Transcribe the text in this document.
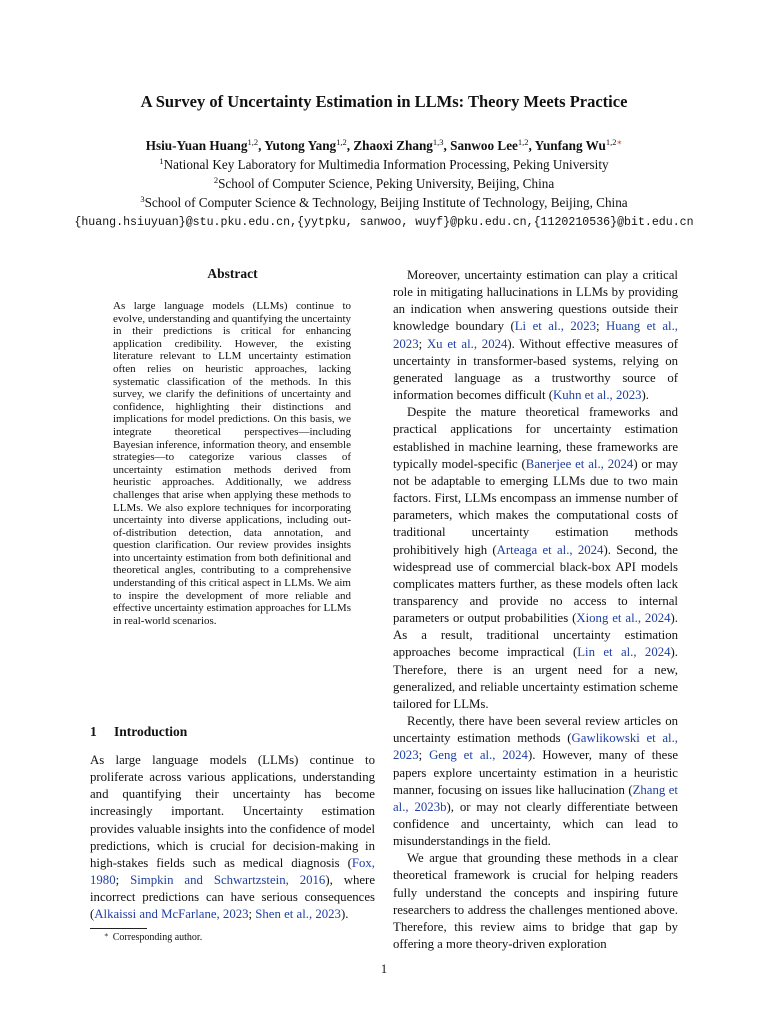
A Survey of Uncertainty Estimation in LLMs: Theory Meets Practice
Hsiu-Yuan Huang$^{1,2}$, Yutong Yang$^{1,2}$, Zhaoxi Zhang$^{1,3}$, Sanwoo Lee$^{1,2}$, Yunfang $Wu^{1,2∗}$
$^1$National Key Laboratory for Multimedia Information Processing, Peking University
$^2$School of Computer Science, Peking University, Beijing, China
$^3$School of Computer Science & Technology, Beijing Institute of Technology, Beijing, China
{huang.hsiuyuan}@stu.pku.edu.cn,{yytpku, sanwoo, wuyf}@pku.edu.cn,{1120210536}@bit.edu.cn
Abstract

As large language models (LLMs) continue to evolve, understanding and quantifying the uncertainty in their predictions is critical for enhancing application credibility. However, the existing literature relevant to LLM uncertainty estimation often relies on heuristic approaches, lacking systematic classification of the methods. In this survey, we clarify the definitions of uncertainty and confidence, highlighting their distinctions and implications for model predictions. On this basis, we integrate theoretical perspectives—including Bayesian inference, information theory, and ensemble strategies—to categorize various classes of uncertainty estimation methods derived from heuristic approaches. Additionally, we address challenges that arise when applying these methods to LLMs. We also explore techniques for incorporating uncertainty into diverse applications, including out-of-distribution detection, data annotation, and question clarification. Our review provides insights into uncertainty estimation from both definitional and theoretical angles, contributing to a comprehensive understanding of this critical aspect in LLMs. We aim to inspire the development of more reliable and effective uncertainty estimation approaches for LLMs in real-world scenarios.

1 Introduction

As large language models (LLMs) continue to proliferate across various applications, understanding and quantifying their uncertainty has become increasingly important. Uncertainty estimation provides valuable insights into the confidence of model predictions, which is crucial for decision-making in high-stakes fields such as medical diagnosis (Fox, 1980; Simpkin and Schwartzstein, 2016), where incorrect predictions can have serious consequences (Alkaissi and McFarlane, 2023; Shen et al., 2023).

Moreover, uncertainty estimation can play a critical role in mitigating hallucinations in LLMs by providing an indication when answering questions outside their knowledge boundary (Li et al., 2023; Huang et al., 2023; Xu et al., 2024). Without effective measures of uncertainty in transformer-based systems, relying on generated language as a trustworthy source of information becomes difficult (Kuhn et al., 2023).

Despite the mature theoretical frameworks and practical applications for uncertainty estimation established in machine learning, these frameworks are typically model-specific (Banerjee et al., 2024) or may not be adaptable to emerging LLMs due to two main factors. First, LLMs encompass an immense number of parameters, which makes the computational costs of traditional uncertainty estimation methods prohibitively high (Arteaga et al., 2024). Second, the widespread use of commercial black-box API models complicates matters further, as these models often lack transparency and provide no access to internal parameters or output probabilities (Xiong et al., 2024). As a result, traditional uncertainty estimation approaches become impractical (Lin et al., 2024). Therefore, there is an urgent need for a new, generalized, and reliable uncertainty estimation scheme tailored for LLMs.

Recently, there have been several review articles on uncertainty estimation methods (Gawlikowski et al., 2023; Geng et al., 2024). However, many of these papers explore uncertainty estimation in a heuristic manner, focusing on issues like hallucination (Zhang et al., 2023b), or may not clearly differentiate between confidence and uncertainty, which can lead to misunderstandings in the field.

We argue that grounding these methods in a clear theoretical framework is crucial for helping readers fully understand the concepts and inspiring future researchers to address the challenges mentioned above. Therefore, this review aims to bridge that gap by offering a more theory-driven exploration

∗ Corresponding author.
1
